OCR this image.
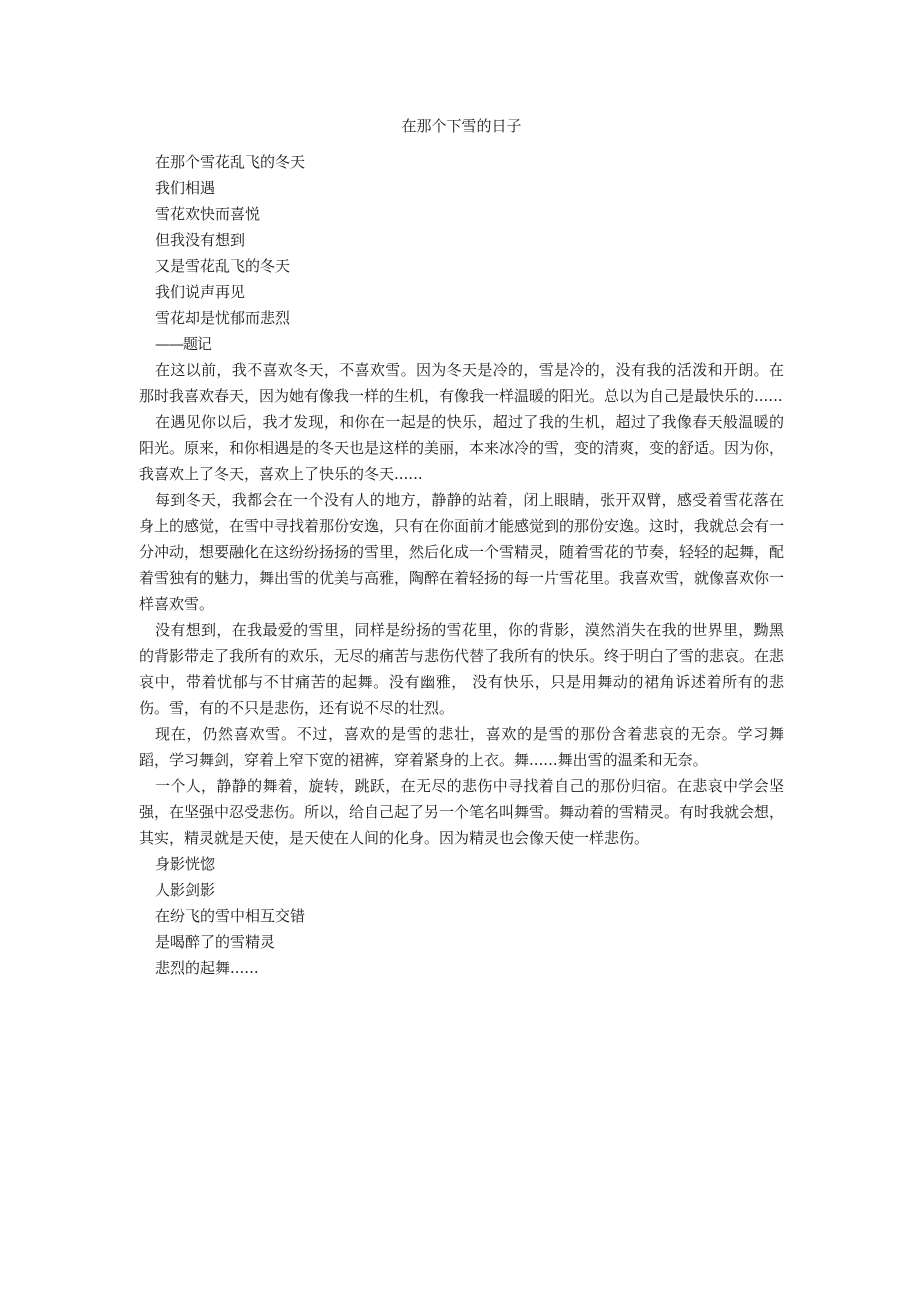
在那个下雪的日子

在那个雪花乱飞的冬天

我们相遇

雪花欢快而喜悦

但我没有想到

又是雪花乱飞的冬天

我们说声再见

雪花却是忧郁而悲烈

——题记

在这以前，我不喜欢冬天，不喜欢雪。因为冬天是冷的，雪是冷的，没有我的活泼和开朗。在那时我喜欢春天，因为她有像我一样的生机，有像我一样温暖的阳光。总以为自己是最快乐的......

在遇见你以后，我才发现，和你在一起是的快乐，超过了我的生机，超过了我像春天般温暖的阳光。原来，和你相遇是的冬天也是这样的美丽，本来冰冷的雪，变的清爽，变的舒适。因为你，我喜欢上了冬天，喜欢上了快乐的冬天......

每到冬天，我都会在一个没有人的地方，静静的站着，闭上眼睛，张开双臂，感受着雪花落在身上的感觉，在雪中寻找着那份安逸，只有在你面前才能感觉到的那份安逸。这时，我就总会有一分冲动，想要融化在这纷纷扬扬的雪里，然后化成一个雪精灵，随着雪花的节奏，轻轻的起舞，配着雪独有的魅力，舞出雪的优美与高雅，陶醉在着轻扬的每一片雪花里。我喜欢雪，就像喜欢你一样喜欢雪。

没有想到，在我最爱的雪里，同样是纷扬的雪花里，你的背影，漠然消失在我的世界里，黝黑的背影带走了我所有的欢乐，无尽的痛苦与悲伤代替了我所有的快乐。终于明白了雪的悲哀。在悲哀中，带着忧郁与不甘痛苦的起舞。没有幽雅， 没有快乐，只是用舞动的裙角诉述着所有的悲伤。雪，有的不只是悲伤，还有说不尽的壮烈。

现在，仍然喜欢雪。不过，喜欢的是雪的悲壮，喜欢的是雪的那份含着悲哀的无奈。学习舞蹈，学习舞剑，穿着上窄下宽的裙裤，穿着紧身的上衣。舞......舞出雪的温柔和无奈。

一个人，静静的舞着，旋转，跳跃，在无尽的悲伤中寻找着自己的那份归宿。在悲哀中学会坚强，在坚强中忍受悲伤。所以，给自己起了另一个笔名叫舞雪。舞动着的雪精灵。有时我就会想，其实，精灵就是天使，是天使在人间的化身。因为精灵也会像天使一样悲伤。

身影恍惚

人影剑影

在纷飞的雪中相互交错

是喝醉了的雪精灵

悲烈的起舞......
